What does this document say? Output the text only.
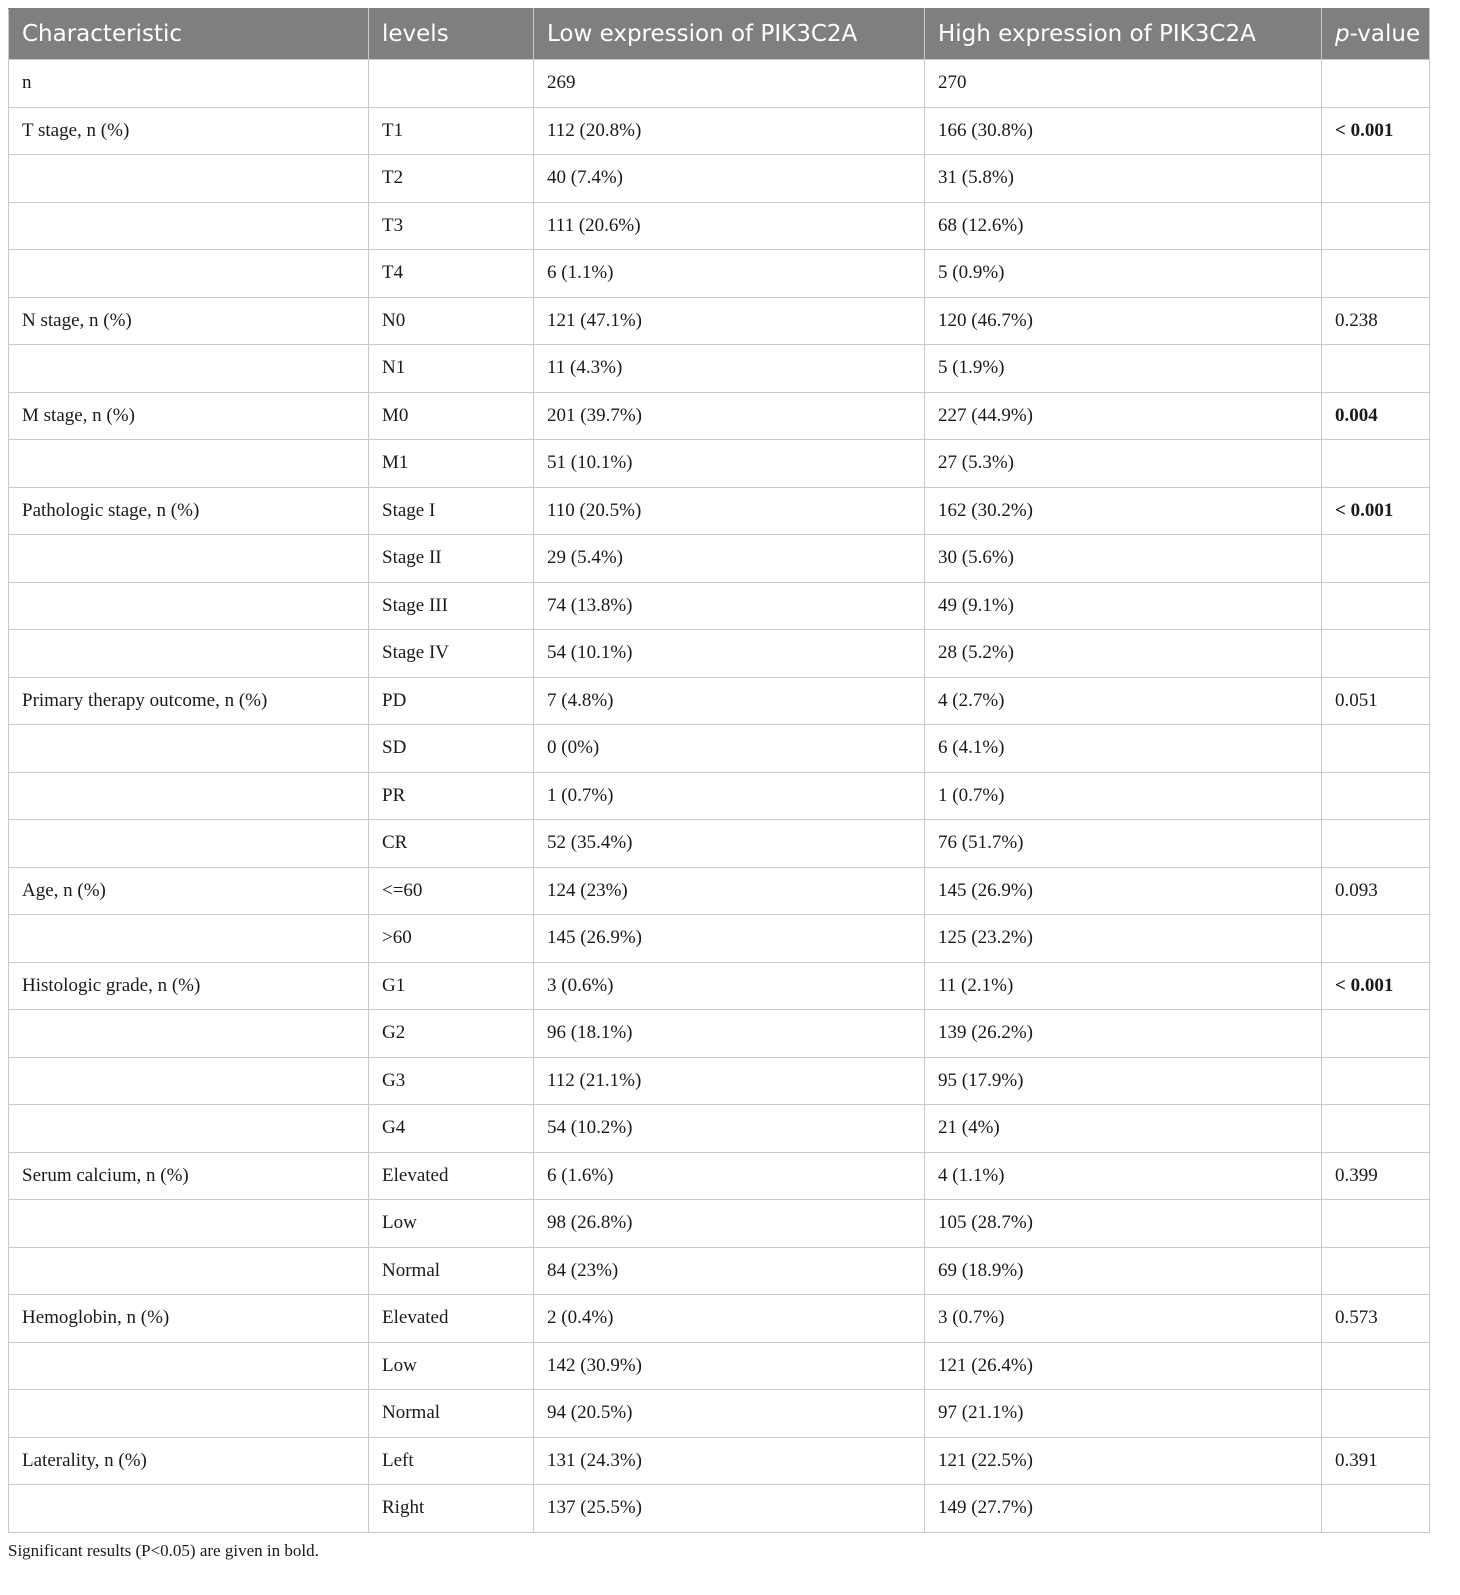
Characteristic	levels	Low expression of PIK3C2A	High expression of PIK3C2A	p-value
n		269	270	
T stage, n (%)	T1	112 (20.8%)	166 (30.8%)	< 0.001
	T2	40 (7.4%)	31 (5.8%)	
	T3	111 (20.6%)	68 (12.6%)	
	T4	6 (1.1%)	5 (0.9%)	
N stage, n (%)	N0	121 (47.1%)	120 (46.7%)	0.238
	N1	11 (4.3%)	5 (1.9%)	
M stage, n (%)	M0	201 (39.7%)	227 (44.9%)	0.004
	M1	51 (10.1%)	27 (5.3%)	
Pathologic stage, n (%)	Stage I	110 (20.5%)	162 (30.2%)	< 0.001
	Stage II	29 (5.4%)	30 (5.6%)	
	Stage III	74 (13.8%)	49 (9.1%)	
	Stage IV	54 (10.1%)	28 (5.2%)	
Primary therapy outcome, n (%)	PD	7 (4.8%)	4 (2.7%)	0.051
	SD	0 (0%)	6 (4.1%)	
	PR	1 (0.7%)	1 (0.7%)	
	CR	52 (35.4%)	76 (51.7%)	
Age, n (%)	<=60	124 (23%)	145 (26.9%)	0.093
	>60	145 (26.9%)	125 (23.2%)	
Histologic grade, n (%)	G1	3 (0.6%)	11 (2.1%)	< 0.001
	G2	96 (18.1%)	139 (26.2%)	
	G3	112 (21.1%)	95 (17.9%)	
	G4	54 (10.2%)	21 (4%)	
Serum calcium, n (%)	Elevated	6 (1.6%)	4 (1.1%)	0.399
	Low	98 (26.8%)	105 (28.7%)	
	Normal	84 (23%)	69 (18.9%)	
Hemoglobin, n (%)	Elevated	2 (0.4%)	3 (0.7%)	0.573
	Low	142 (30.9%)	121 (26.4%)	
	Normal	94 (20.5%)	97 (21.1%)	
Laterality, n (%)	Left	131 (24.3%)	121 (22.5%)	0.391
	Right	137 (25.5%)	149 (27.7%)	
Significant results (P<0.05) are given in bold.
